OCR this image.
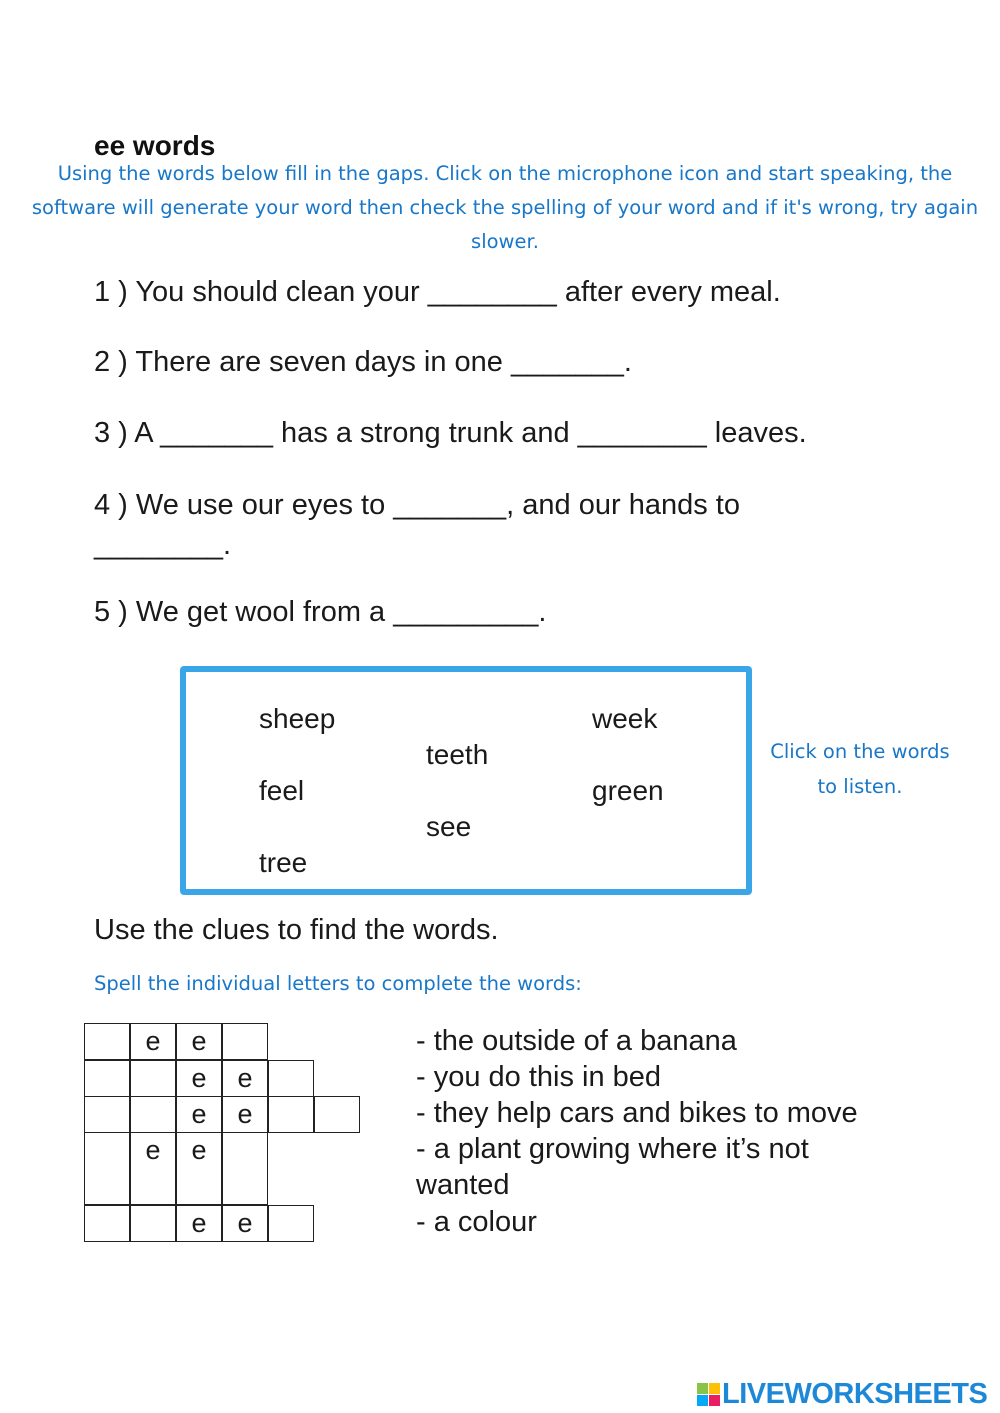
ee words
Using the words below fill in the gaps. Click on the microphone icon and start speaking, the software will generate your word then check the spelling of your word and if it's wrong, try again slower.
1 ) You should clean your ________ after every meal.
2 ) There are seven days in one _______.
3 ) A _______ has a strong trunk and ________ leaves.
4 ) We use our eyes to _______, and our hands to ________.
5 ) We get wool from a _________.
sheep	week
teeth
feel	green
see
tree
Click on the words to listen.
Use the clues to find the words.
Spell the individual letters to complete the words:
e	e
e	e
e	e
e	e
e	e
- the outside of a banana
- you do this in bed
- they help cars and bikes to move
- a plant growing where it’s not wanted
- a colour
LIVEWORKSHEETS
